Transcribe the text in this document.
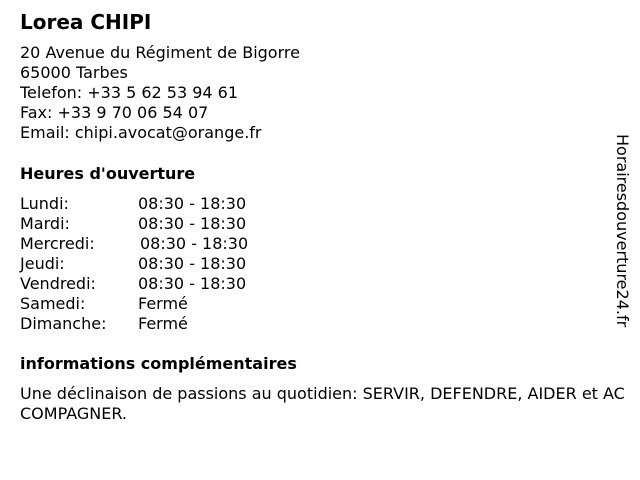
Lorea CHIPI
20 Avenue du Régiment de Bigorre
65000 Tarbes
Telefon: +33 5 62 53 94 61
Fax: +33 9 70 06 54 07
Email: chipi.avocat@orange.fr
Heures d'ouverture
Lundi:	08:30 - 18:30
Mardi:	08:30 - 18:30
Mercredi:	08:30 - 18:30
Jeudi:	08:30 - 18:30
Vendredi:	08:30 - 18:30
Samedi:	Fermé
Dimanche: Fermé
informations complémentaires
Une déclinaison de passions au quotidien: SERVIR, DEFENDRE, AIDER et ACCOMPAGNER.
Horairesdouverture24.fr
